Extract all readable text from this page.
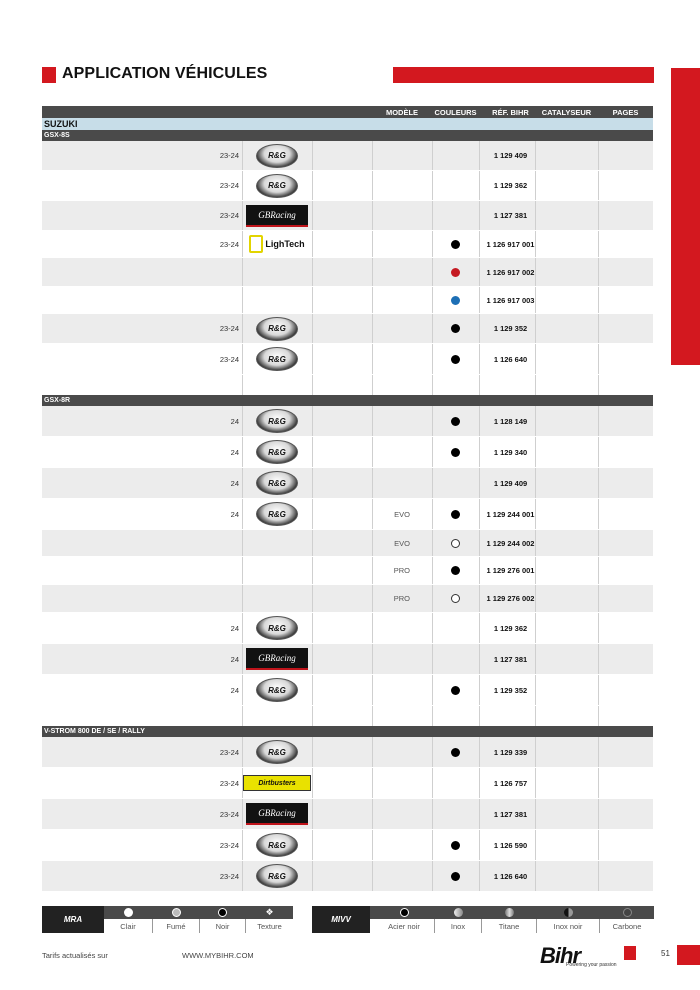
APPLICATION VÉHICULES
MODÈLE	COULEURS	RÉF. BIHR	CATALYSEUR	PAGES
SUZUKI
GSX-8S
23-24	R&G	1 129 409
23-24	R&G	1 129 362
23-24	GBRacing	1 127 381
23-24	LighTech	1 126 917 001
1 126 917 002
1 126 917 003
23-24	R&G	1 129 352
23-24	R&G	1 126 640
GSX-8R
24	R&G	1 128 149
24	R&G	1 129 340
24	R&G	1 129 409
24	R&G	EVO	1 129 244 001
EVO	1 129 244 002
PRO	1 129 276 001
PRO	1 129 276 002
24	R&G	1 129 362
24	GBRacing	1 127 381
24	R&G	1 129 352
V-STROM 800 DE / SE / RALLY
23-24	R&G	1 129 339
23-24	Dirtbusters	1 126 757
23-24	GBRacing	1 127 381
23-24	R&G	1 126 590
23-24	R&G	1 126 640
MRA
Clair	Fumé	Noir
❖
Texture
MIVV
Acier noir	Inox	Titane	Inox noir	Carbone
Tarifs actualisés sur	WWW.MYBIHR.COM	Bihr
Powering your passion
51
